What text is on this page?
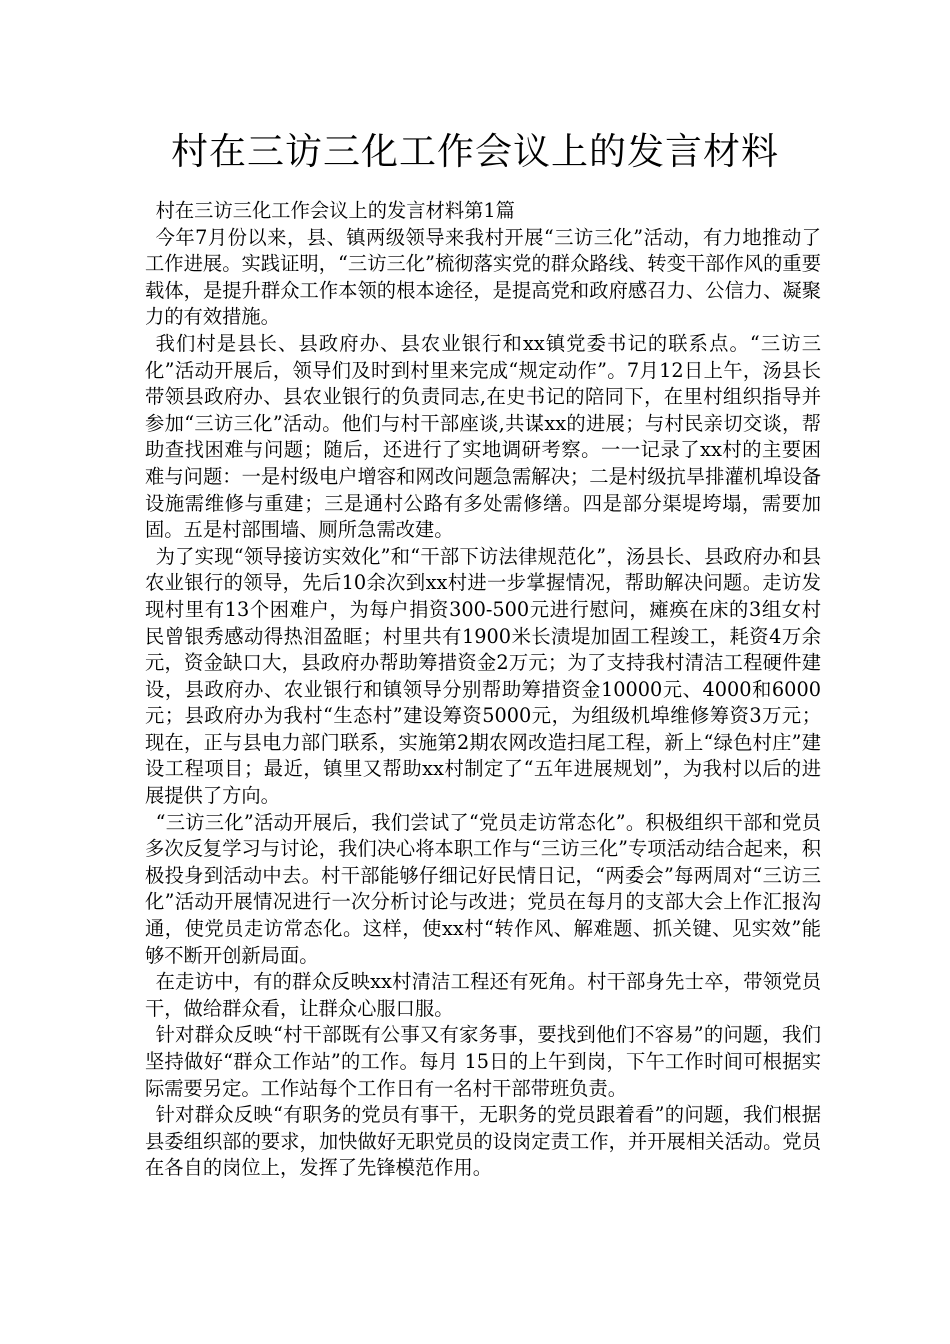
村在三访三化工作会议上的发言材料

村在三访三化工作会议上的发言材料第1篇

今年7月份以来，县、镇两级领导来我村开展“三访三化”活动，有力地推动了工作进展。实践证明，“三访三化”梳彻落实党的群众路线、转变干部作风的重要载体，是提升群众工作本领的根本途径，是提高党和政府感召力、公信力、凝聚力的有效措施。

我们村是县长、县政府办、县农业银行和xx镇党委书记的联系点。“三访三化”活动开展后，领导们及时到村里来完成“规定动作”。7月12日上午，汤县长带领县政府办、县农业银行的负责同志,在史书记的陪同下，在里村组织指导并参加“三访三化”活动。他们与村干部座谈,共谋xx的进展；与村民亲切交谈，帮助查找困难与问题；随后，还进行了实地调研考察。一一记录了xx村的主要困难与问题：一是村级电户增容和网改问题急需解决；二是村级抗旱排灌机埠设备设施需维修与重建；三是通村公路有多处需修缮。四是部分渠堤垮塌，需要加固。五是村部围墙、厕所急需改建。

为了实现“领导接访实效化”和“干部下访法律规范化”，汤县长、县政府办和县农业银行的领导，先后10余次到xx村进一步掌握情况，帮助解决问题。走访发现村里有13个困难户，为每户捐资300-500元进行慰问，瘫痪在床的3组女村民曾银秀感动得热泪盈眶；村里共有1900米长渍堤加固工程竣工，耗资4万余元，资金缺口大，县政府办帮助筹措资金2万元；为了支持我村清洁工程硬件建设，县政府办、农业银行和镇领导分别帮助筹措资金10000元、4000和6000元；县政府办为我村“生态村”建设筹资5000元，为组级机埠维修筹资3万元；现在，正与县电力部门联系，实施第2期农网改造扫尾工程，新上“绿色村庄”建设工程项目；最近，镇里又帮助xx村制定了“五年进展规划”，为我村以后的进展提供了方向。

“三访三化”活动开展后，我们尝试了“党员走访常态化”。积极组织干部和党员多次反复学习与讨论，我们决心将本职工作与“三访三化”专项活动结合起来，积极投身到活动中去。村干部能够仔细记好民情日记，“两委会”每两周对“三访三化”活动开展情况进行一次分析讨论与改进；党员在每月的支部大会上作汇报沟通，使党员走访常态化。这样，使xx村“转作风、解难题、抓关键、见实效”能够不断开创新局面。

在走访中，有的群众反映xx村清洁工程还有死角。村干部身先士卒，带领党员干，做给群众看，让群众心服口服。

针对群众反映“村干部既有公事又有家务事，要找到他们不容易”的问题，我们坚持做好“群众工作站”的工作。每月 15日的上午到岗，下午工作时间可根据实际需要另定。工作站每个工作日有一名村干部带班负责。

针对群众反映“有职务的党员有事干，无职务的党员跟着看”的问题，我们根据县委组织部的要求，加快做好无职党员的设岗定责工作，并开展相关活动。党员在各自的岗位上，发挥了先锋模范作用。
